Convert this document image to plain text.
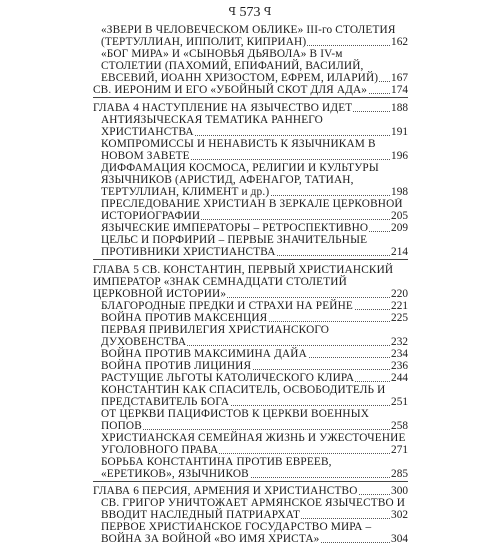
ꟼ 573 ꟼ
«ЗВЕРИ В ЧЕЛОВЕЧЕСКОМ ОБЛИКЕ» III-го СТОЛЕТИЯ
(ТЕРТУЛЛИАН, ИППОЛИТ, КИПРИАН)	162
«БОГ МИРА» И «СЫНОВЬЯ ДЬЯВОЛА» В IV-м
СТОЛЕТИИ (ПАХОМИЙ, ЕПИФАНИЙ, ВАСИЛИЙ,
ЕВСЕВИЙ, ИОАНН ХРИЗОСТОМ, ЕФРЕМ, ИЛАРИЙ)	167
СВ. ИЕРОНИМ И ЕГО «УБОЙНЫЙ СКОТ ДЛЯ АДА»	174
ГЛАВА 4 НАСТУПЛЕНИЕ НА ЯЗЫЧЕСТВО ИДЕТ	188
АНТИЯЗЫЧЕСКАЯ ТЕМАТИКА РАННЕГО
ХРИСТИАНСТВА	191
КОМПРОМИССЫ И НЕНАВИСТЬ К ЯЗЫЧНИКАМ В
НОВОМ ЗАВЕТЕ	196
ДИФФАМАЦИЯ КОСМОСА, РЕЛИГИИ И КУЛЬТУРЫ
ЯЗЫЧНИКОВ (АРИСТИД, АФЕНАГОР, ТАТИАН,
ТЕРТУЛЛИАН, КЛИМЕНТ и др.)	198
ПРЕСЛЕДОВАНИЕ ХРИСТИАН В ЗЕРКАЛЕ ЦЕРКОВНОЙ
ИСТОРИОГРАФИИ	205
ЯЗЫЧЕСКИЕ ИМПЕРАТОРЫ – РЕТРОСПЕКТИВНО	209
ЦЕЛЬС И ПОРФИРИЙ – ПЕРВЫЕ ЗНАЧИТЕЛЬНЫЕ
ПРОТИВНИКИ ХРИСТИАНСТВА	214
ГЛАВА 5 СВ. КОНСТАНТИН, ПЕРВЫЙ ХРИСТИАНСКИЙ
ИМПЕРАТОР «ЗНАК СЕМНАДЦАТИ СТОЛЕТИЙ
ЦЕРКОВНОЙ ИСТОРИИ»	220
БЛАГОРОДНЫЕ ПРЕДКИ И СТРАХИ НА РЕЙНЕ	221
ВОЙНА ПРОТИВ МАКСЕНЦИЯ	225
ПЕРВАЯ ПРИВИЛЕГИЯ ХРИСТИАНСКОГО
ДУХОВЕНСТВА	232
ВОЙНА ПРОТИВ МАКСИМИНА ДАЙА	234
ВОЙНА ПРОТИВ ЛИЦИНИЯ	236
РАСТУЩИЕ ЛЬГОТЫ КАТОЛИЧЕСКОГО КЛИРА	244
КОНСТАНТИН КАК СПАСИТЕЛЬ, ОСВОБОДИТЕЛЬ И
ПРЕДСТАВИТЕЛЬ БОГА	251
ОТ ЦЕРКВИ ПАЦИФИСТОВ К ЦЕРКВИ ВОЕННЫХ
ПОПОВ	258
ХРИСТИАНСКАЯ СЕМЕЙНАЯ ЖИЗНЬ И УЖЕСТОЧЕНИЕ
УГОЛОВНОГО ПРАВА	271
БОРЬБА КОНСТАНТИНА ПРОТИВ ЕВРЕЕВ,
«ЕРЕТИКОВ», ЯЗЫЧНИКОВ	285
ГЛАВА 6 ПЕРСИЯ, АРМЕНИЯ И ХРИСТИАНСТВО	300
СВ. ГРИГОР УНИЧТОЖАЕТ АРМЯНСКОЕ ЯЗЫЧЕСТВО И
ВВОДИТ НАСЛЕДНЫЙ ПАТРИАРХАТ	302
ПЕРВОЕ ХРИСТИАНСКОЕ ГОСУДАРСТВО МИРА –
ВОЙНА ЗА ВОЙНОЙ «ВО ИМЯ ХРИСТА»	304
